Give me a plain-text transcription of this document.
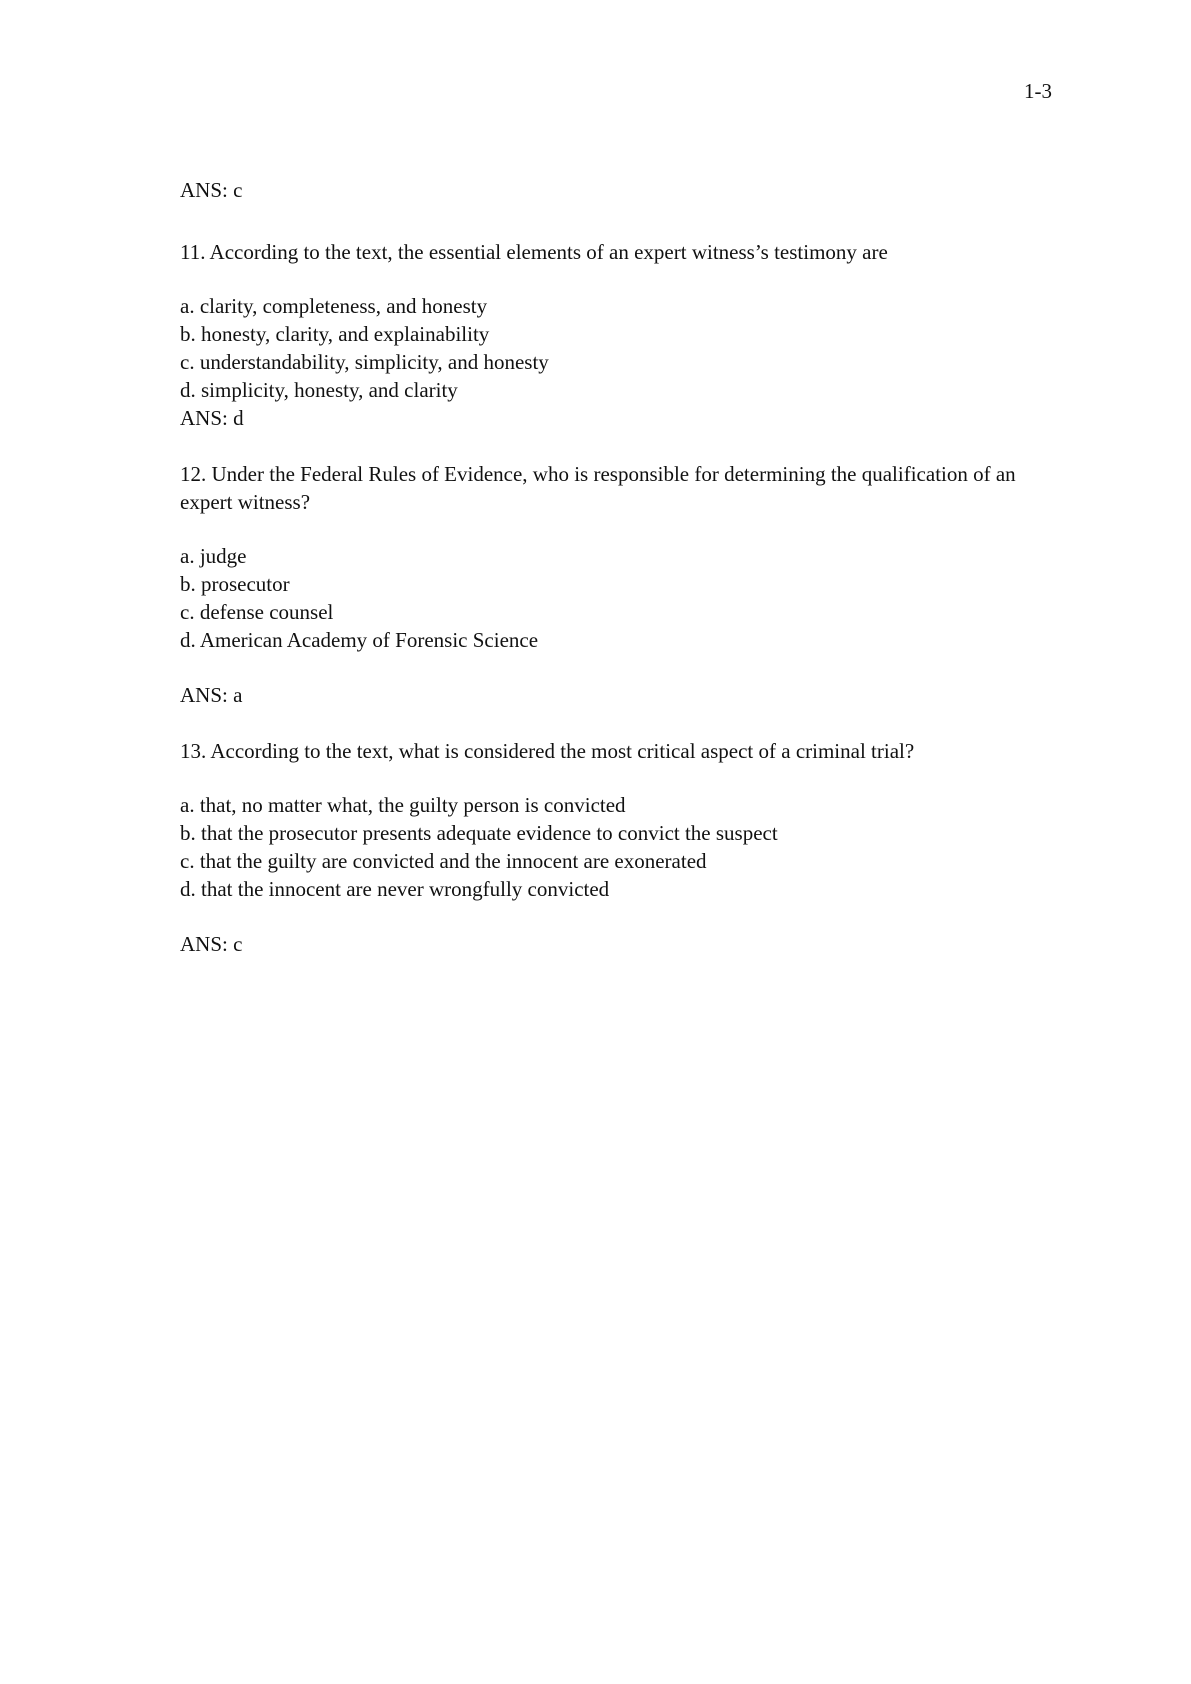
1-3

ANS: c

11. According to the text, the essential elements of an expert witness’s testimony are

a. clarity, completeness, and honesty
b. honesty, clarity, and explainability
c. understandability, simplicity, and honesty
d. simplicity, honesty, and clarity

ANS: d

12. Under the Federal Rules of Evidence, who is responsible for determining the qualification of an expert witness?

a. judge
b. prosecutor
c. defense counsel
d. American Academy of Forensic Science

ANS: a

13. According to the text, what is considered the most critical aspect of a criminal trial?

a. that, no matter what, the guilty person is convicted
b. that the prosecutor presents adequate evidence to convict the suspect
c. that the guilty are convicted and the innocent are exonerated
d. that the innocent are never wrongfully convicted

ANS: c
